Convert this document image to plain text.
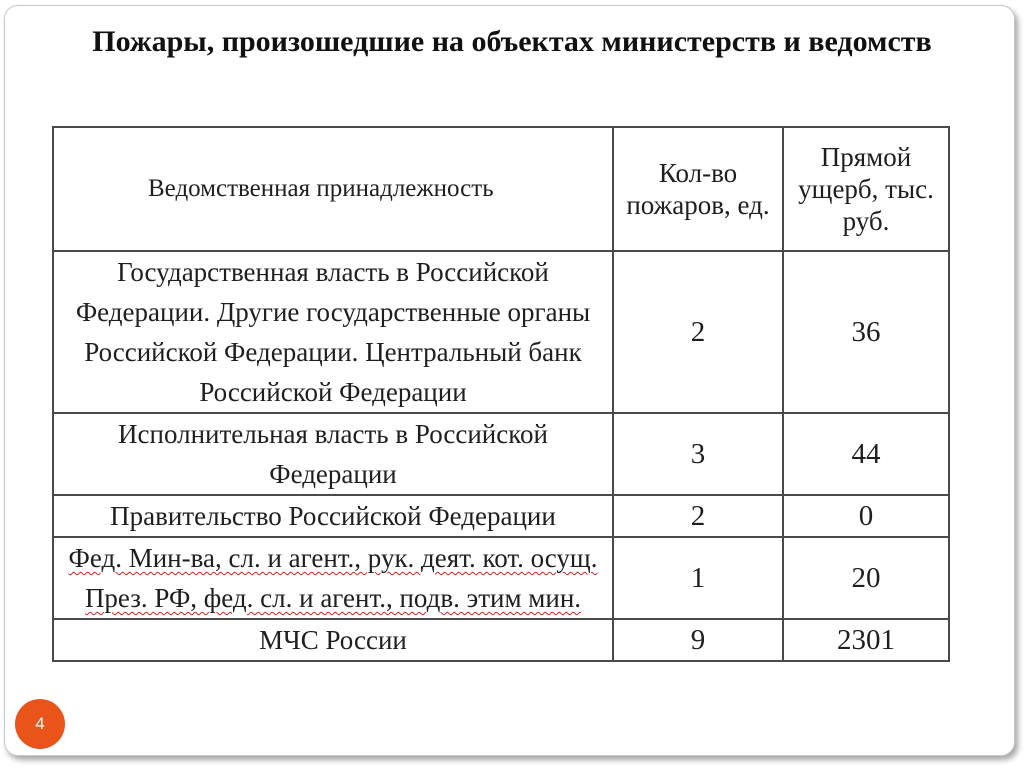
Пожары, произошедшие на объектах министерств и ведомств
Ведомственная принадлежность	Кол-во пожаров, ед.	Прямой ущерб, тыс. руб.
Государственная власть в Российской Федерации. Другие государственные органы Российской Федерации. Центральный банк Российской Федерации	2	36
Исполнительная власть в Российской Федерации	3	44
Правительство Российской Федерации	2	0
Фед. Мин-ва, сл. и агент., рук. деят. кот. осущ. През. РФ, фед. сл. и агент., подв. этим мин.	1	20
МЧС России	9	2301
4
